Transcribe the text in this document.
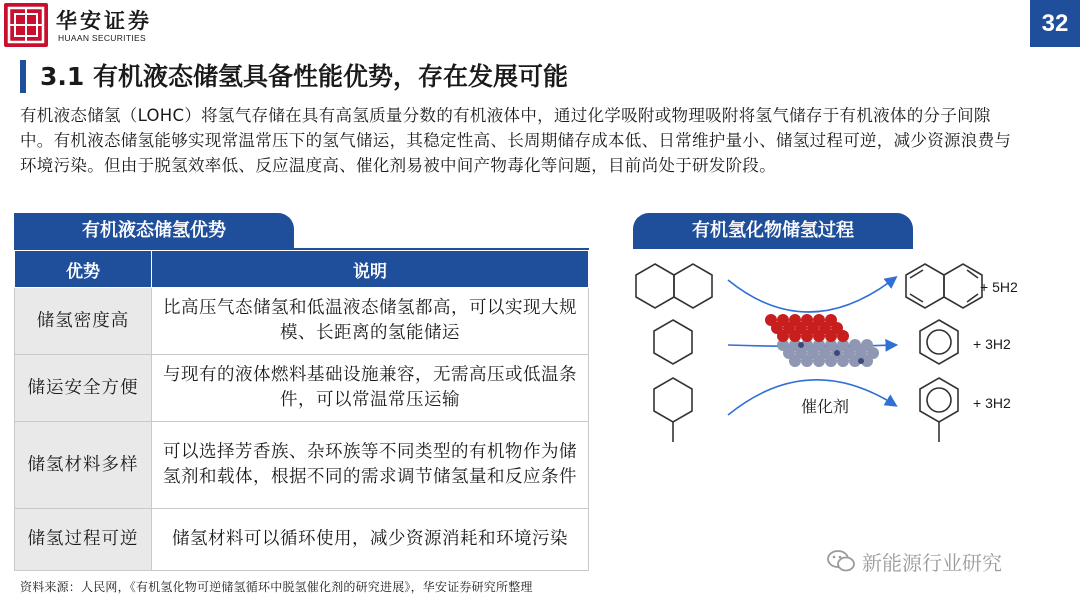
华安证券
HUAAN SECURITIES
32
3.1 有机液态储氢具备性能优势，存在发展可能
有机液态储氢（LOHC）将氢气存储在具有高氢质量分数的有机液体中，通过化学吸附或物理吸附将氢气储存于有机液体的分子间隙中。有机液态储氢能够实现常温常压下的氢气储运，其稳定性高、长周期储存成本低、日常维护量小、储氢过程可逆，减少资源浪费与环境污染。但由于脱氢效率低、反应温度高、催化剂易被中间产物毒化等问题，目前尚处于研发阶段。
有机液态储氢优势
优势	说明
储氢密度高	比高压气态储氢和低温液态储氢都高，可以实现大规模、长距离的氢能储运
储运安全方便	与现有的液体燃料基础设施兼容，无需高压或低温条件，可以常温常压运输
储氢材料多样	可以选择芳香族、杂环族等不同类型的有机物作为储氢剂和载体，根据不同的需求调节储氢量和反应条件
储氢过程可逆	储氢材料可以循环使用，减少资源消耗和环境污染
有机氢化物储氢过程
催化剂
+ 5H2
+ 3H2
+ 3H2
资料来源：人民网，《有机氢化物可逆储氢循环中脱氢催化剂的研究进展》，华安证券研究所整理
新能源行业研究
